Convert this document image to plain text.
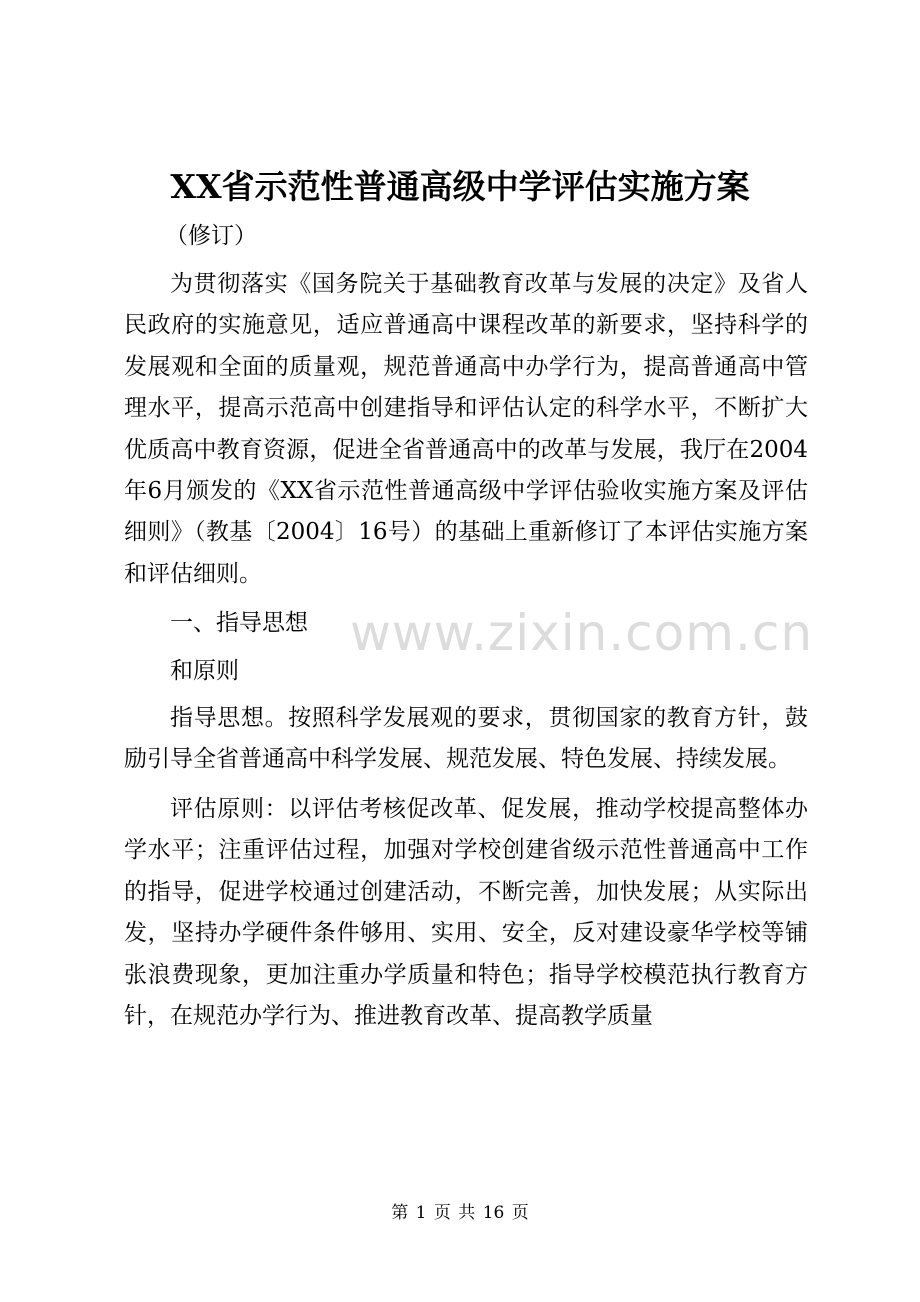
XX省示范性普通高级中学评估实施方案

（修订）

为贯彻落实《国务院关于基础教育改革与发展的决定》及省人民政府的实施意见，适应普通高中课程改革的新要求，坚持科学的发展观和全面的质量观，规范普通高中办学行为，提高普通高中管理水平，提高示范高中创建指导和评估认定的科学水平，不断扩大优质高中教育资源，促进全省普通高中的改革与发展，我厅在2004年6月颁发的《XX省示范性普通高级中学评估验收实施方案及评估细则》（教基〔2004〕16号）的基础上重新修订了本评估实施方案和评估细则。

一、指导思想

和原则

指导思想。按照科学发展观的要求，贯彻国家的教育方针，鼓励引导全省普通高中科学发展、规范发展、特色发展、持续发展。

评估原则：以评估考核促改革、促发展，推动学校提高整体办学水平；注重评估过程，加强对学校创建省级示范性普通高中工作的指导，促进学校通过创建活动，不断完善，加快发展；从实际出发，坚持办学硬件条件够用、实用、安全，反对建设豪华学校等铺张浪费现象，更加注重办学质量和特色；指导学校模范执行教育方针，在规范办学行为、推进教育改革、提高教学质量

www.zixin.com.cn
第 1 页 共 16 页
